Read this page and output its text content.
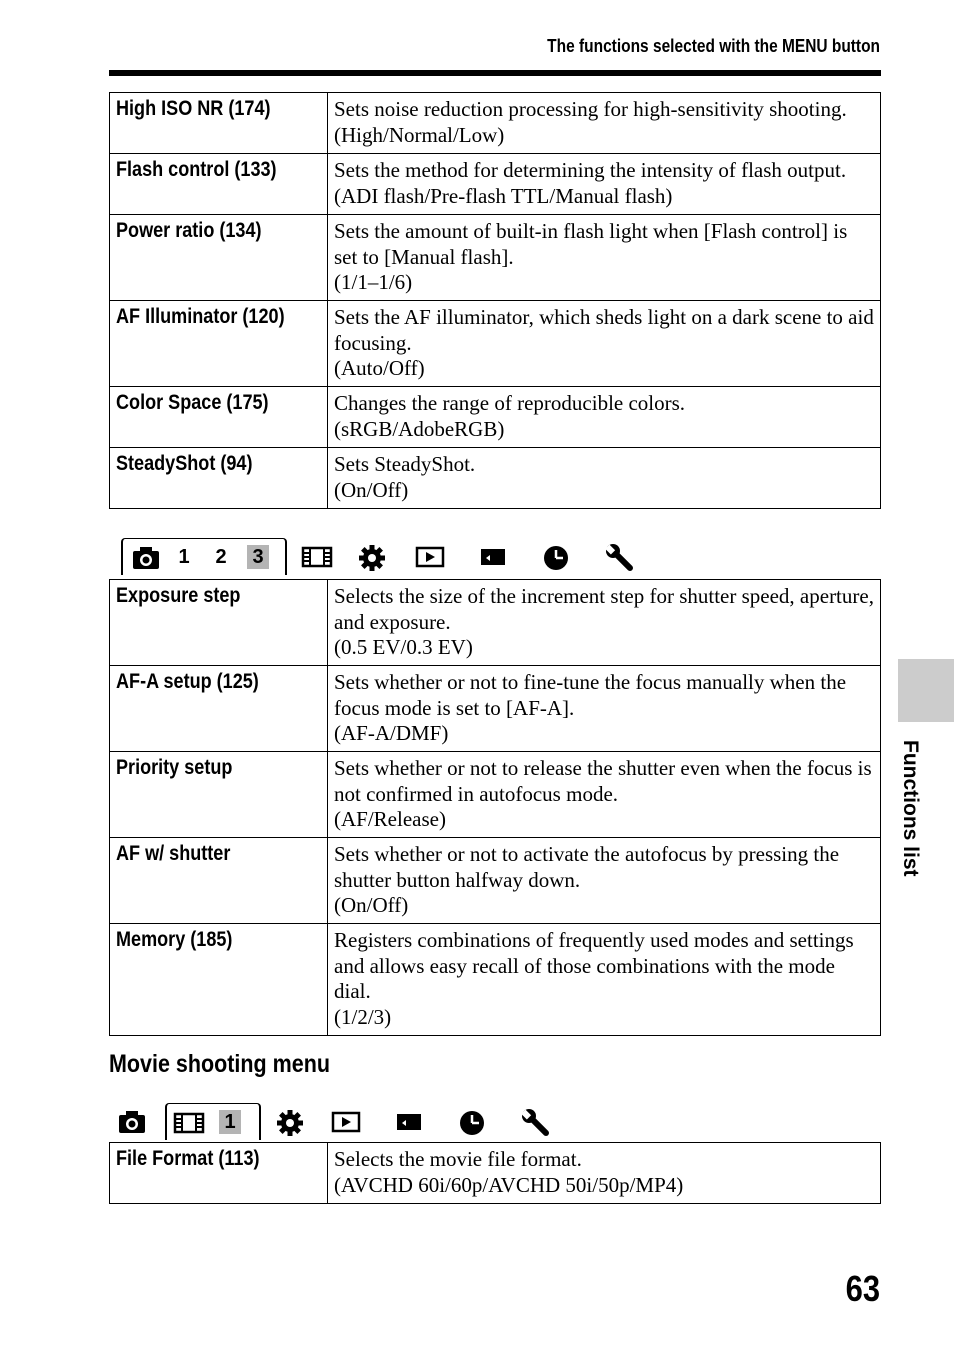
The functions selected with the MENU button
High ISO NR (174)	Sets noise reduction processing for high-sensitivity shooting.
(High/Normal/Low)

Flash control (133)	Sets the method for determining the intensity of flash output.
(ADI flash/Pre-flash TTL/Manual flash)

Power ratio (134)	Sets the amount of built-in flash light when [Flash control] is set to [Manual flash].
(1/1–1/6)

AF Illuminator (120)	Sets the AF illuminator, which sheds light on a dark scene to aid focusing.
(Auto/Off)

Color Space (175)	Changes the range of reproducible colors.
(sRGB/AdobeRGB)

SteadyShot (94)	Sets SteadyShot.
(On/Off)
1 2 3
Exposure step	Selects the size of the increment step for shutter speed, aperture, and exposure.
(0.5 EV/0.3 EV)

AF-A setup (125)	Sets whether or not to fine-tune the focus manually when the focus mode is set to [AF-A].
(AF-A/DMF)

Priority setup	Sets whether or not to release the shutter even when the focus is not confirmed in autofocus mode.
(AF/Release)

AF w/ shutter	Sets whether or not to activate the autofocus by pressing the shutter button halfway down.
(On/Off)

Memory (185)	Registers combinations of frequently used modes and settings and allows easy recall of those combinations with the mode dial.
(1/2/3)
Movie shooting menu
1
File Format (113)	Selects the movie file format.
(AVCHD 60i/60p/AVCHD 50i/50p/MP4)
Functions list
63
